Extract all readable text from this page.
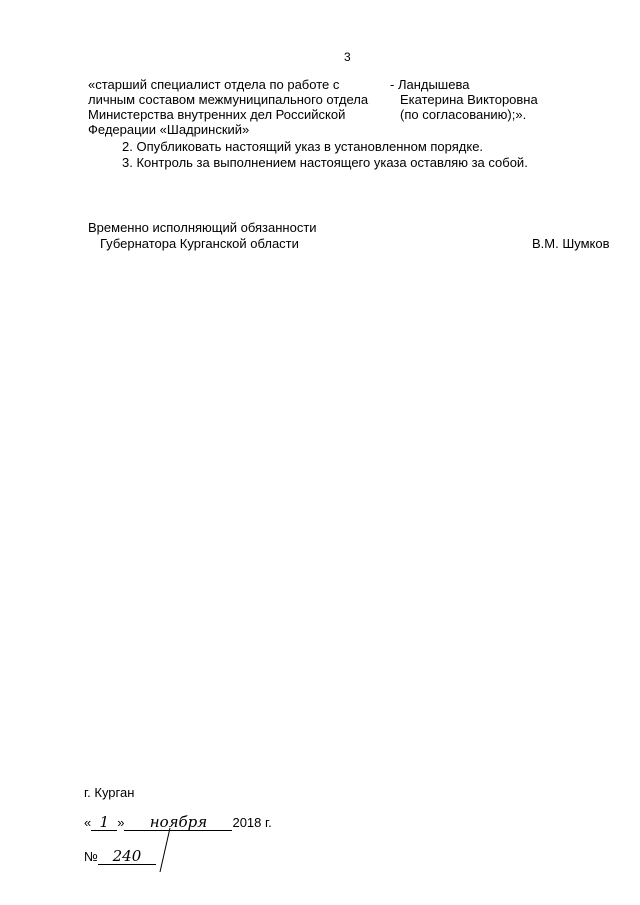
3
«старший специалист отдела по работе с
личным составом межмуниципального отдела
Министерства внутренних дел Российской
Федерации «Шадринский»
- Ландышева
Екатерина Викторовна
(по согласованию);».
2. Опубликовать настоящий указ в установленном порядке.
3. Контроль за выполнением настоящего указа оставляю за собой.
Временно исполняющий обязанности
Губернатора Курганской области	В.М. Шумков
г. Курган
« 1 » ноября 2018 г.
№ 240
